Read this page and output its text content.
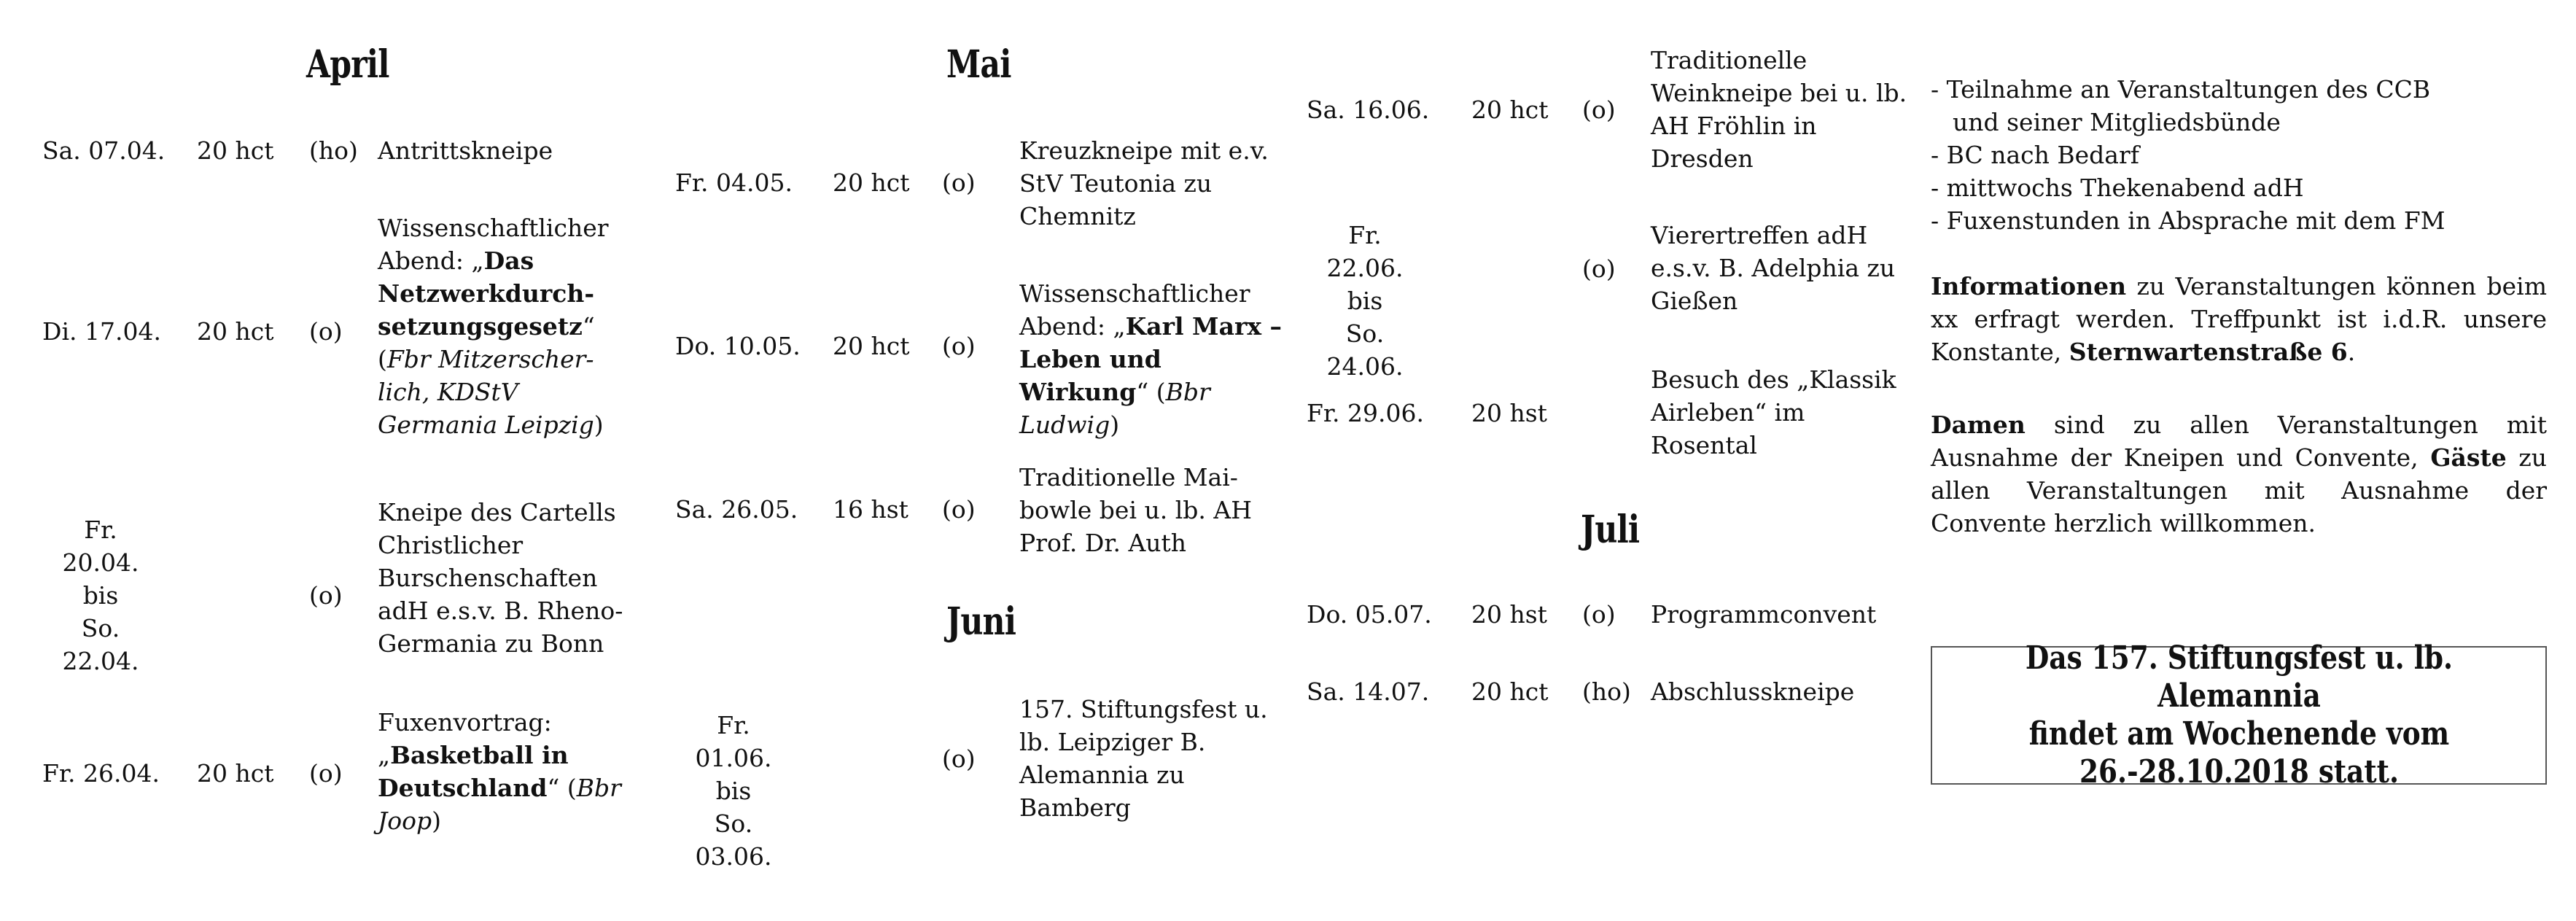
April	Mai
Juni
Juli
Sa. 07.04. 20 hct (ho) Antrittskneipe
Di. 17.04. 20 hct (o)
Wissenschaftlicher Abend: „Das Netzwerkdurch-setzungsgesetz“ (Fbr Mitzerscher-lich, KDStV Germania Leipzig)
Fr. 20.04.
bis
So. 22.04.
(o)
Kneipe des Cartells Christlicher Burschenschaften adH e.s.v. B. Rheno-Germania zu Bonn
Fr. 26.04. 20 hct (o)
Fuxenvortrag: „Basketball in Deutschland“ (Bbr Joop)
Fr. 04.05. 20 hct (o)
Kreuzkneipe mit e.v. StV Teutonia zu Chemnitz
Do. 10.05. 20 hct (o)
Wissenschaftlicher Abend: „Karl Marx – Leben und Wirkung“ (Bbr Ludwig)
Sa. 26.05. 16 hst (o)
Traditionelle Mai-bowle bei u. lb. AH Prof. Dr. Auth
Fr. 01.06.
bis
So. 03.06.
(o)
157. Stiftungsfest u. lb. Leipziger B. Alemannia zu Bamberg
Sa. 16.06. 20 hct (o)
Traditionelle Weinkneipe bei u. lb. AH Fröhlin in Dresden
Fr. 22.06.
bis
So. 24.06.
(o)
Vierertreffen adH e.s.v. B. Adelphia zu Gießen
Fr. 29.06. 20 hst
Besuch des „Klassik Airleben“ im Rosental
Do. 05.07. 20 hst (o) Programmconvent
Sa. 14.07. 20 hct (ho) Abschlusskneipe
- Teilnahme an Veranstaltungen des CCB
und seiner Mitgliedsbünde
- BC nach Bedarf
- mittwochs Thekenabend adH
- Fuxenstunden in Absprache mit dem FM
Informationen zu Veranstaltungen können beim xx erfragt werden. Treffpunkt ist i.d.R. unsere Konstante, Sternwartenstraße 6.
Damen sind zu allen Veranstaltungen mit Ausnahme der Kneipen und Convente, Gäste zu allen Veranstaltungen mit Ausnahme der Convente herzlich willkommen.
Das 157. Stiftungsfest u. lb. Alemannia
findet am Wochenende vom
26.-28.10.2018 statt.
